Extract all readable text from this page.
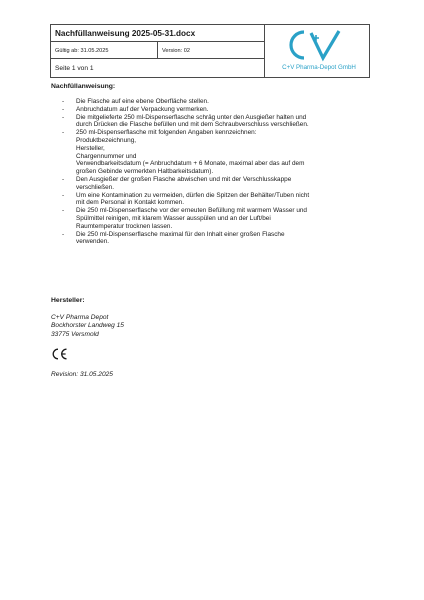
Nachfüllanweisung 2025-05-31.docx
Gültig ab: 31.05.2025	Version: 02
Seite 1 von 1	C+V Pharma-Depot GmbH
Nachfüllanweisung:
- Die Flasche auf eine ebene Oberfläche stellen.
- Anbruchdatum auf der Verpackung vermerken.
- Die mitgelieferte 250 ml-Dispenserflasche schräg unter den Ausgießer halten und
durch Drücken die Flasche befüllen und mit dem Schraubverschluss verschließen.
- 250 ml-Dispenserflasche mit folgenden Angaben kennzeichnen:
Produktbezeichnung,
Hersteller,
Chargennummer und
Verwendbarkeitsdatum (= Anbruchdatum + 6 Monate, maximal aber das auf dem
großen Gebinde vermerkten Haltbarkeitsdatum).
- Den Ausgießer der großen Flasche abwischen und mit der Verschlusskappe
verschließen.
- Um eine Kontamination zu vermeiden, dürfen die Spitzen der Behälter/Tuben nicht
mit dem Personal in Kontakt kommen.
- Die 250 ml-Dispenserflasche vor der erneuten Befüllung mit warmem Wasser und
Spülmittel reinigen, mit klarem Wasser ausspülen und an der Luft/bei
Raumtemperatur trocknen lassen.
- Die 250 ml-Dispenserflasche maximal für den Inhalt einer großen Flasche
verwenden.
Hersteller:
C+V Pharma Depot
Bockhorster Landweg 15
33775 Versmold
Revision: 31.05.2025
